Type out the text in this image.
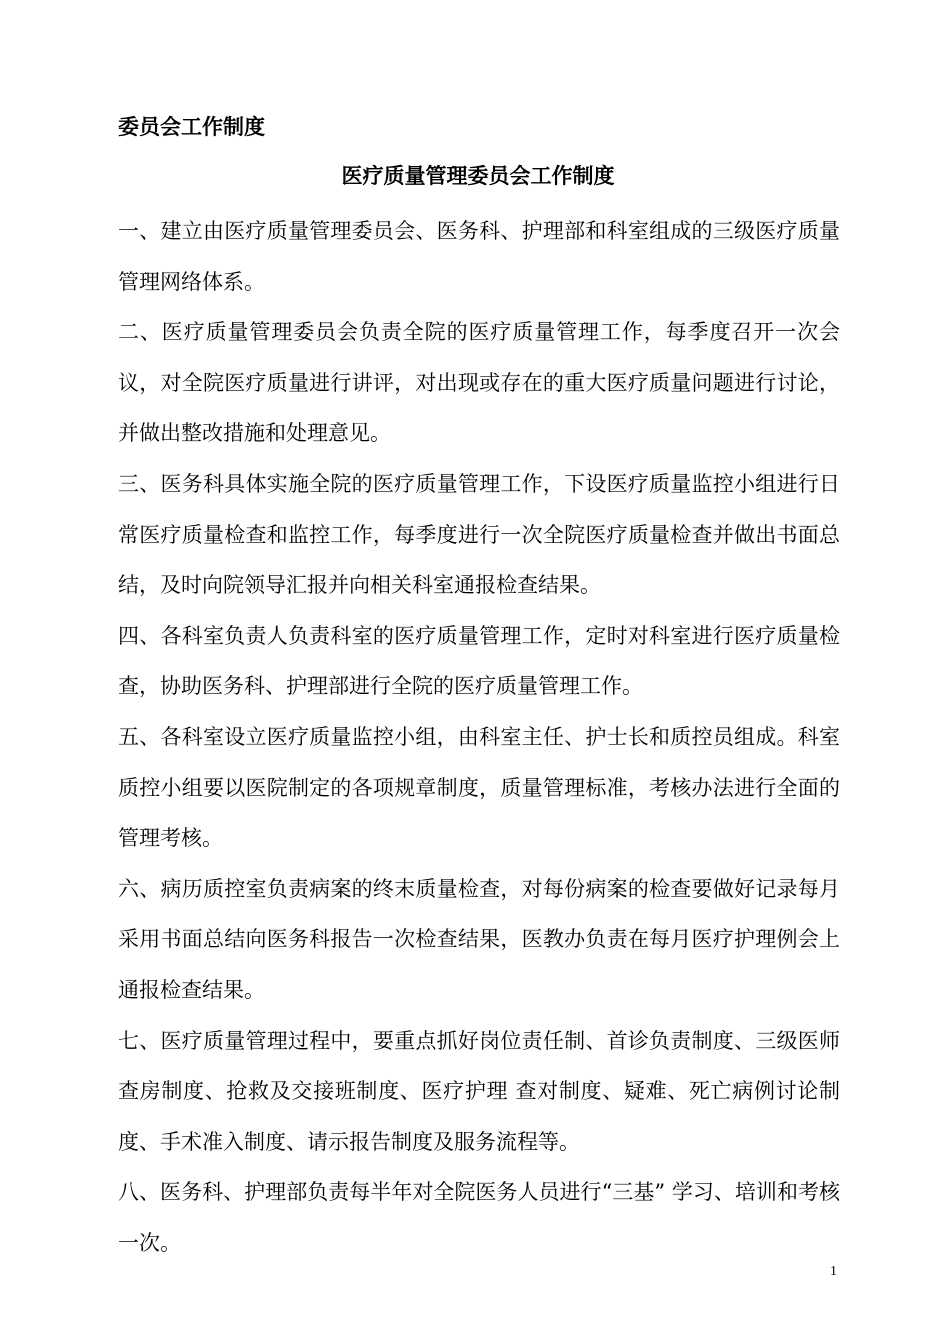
委员会工作制度
医疗质量管理委员会工作制度

一、建立由医疗质量管理委员会、医务科、护理部和科室组成的三级医疗质量管理网络体系。

二、医疗质量管理委员会负责全院的医疗质量管理工作，每季度召开一次会议，对全院医疗质量进行讲评，对出现或存在的重大医疗质量问题进行讨论，并做出整改措施和处理意见。

三、医务科具体实施全院的医疗质量管理工作，下设医疗质量监控小组进行日常医疗质量检查和监控工作，每季度进行一次全院医疗质量检查并做出书面总结，及时向院领导汇报并向相关科室通报检查结果。

四、各科室负责人负责科室的医疗质量管理工作，定时对科室进行医疗质量检查，协助医务科、护理部进行全院的医疗质量管理工作。

五、各科室设立医疗质量监控小组，由科室主任、护士长和质控员组成。科室质控小组要以医院制定的各项规章制度，质量管理标准，考核办法进行全面的管理考核。

六、病历质控室负责病案的终末质量检查，对每份病案的检查要做好记录每月采用书面总结向医务科报告一次检查结果，医教办负责在每月医疗护理例会上通报检查结果。

七、医疗质量管理过程中，要重点抓好岗位责任制、首诊负责制度、三级医师查房制度、抢救及交接班制度、医疗护理 查对制度、疑难、死亡病例讨论制度、手术准入制度、请示报告制度及服务流程等。

八、医务科、护理部负责每半年对全院医务人员进行“三基” 学习、培训和考核一次。

1
